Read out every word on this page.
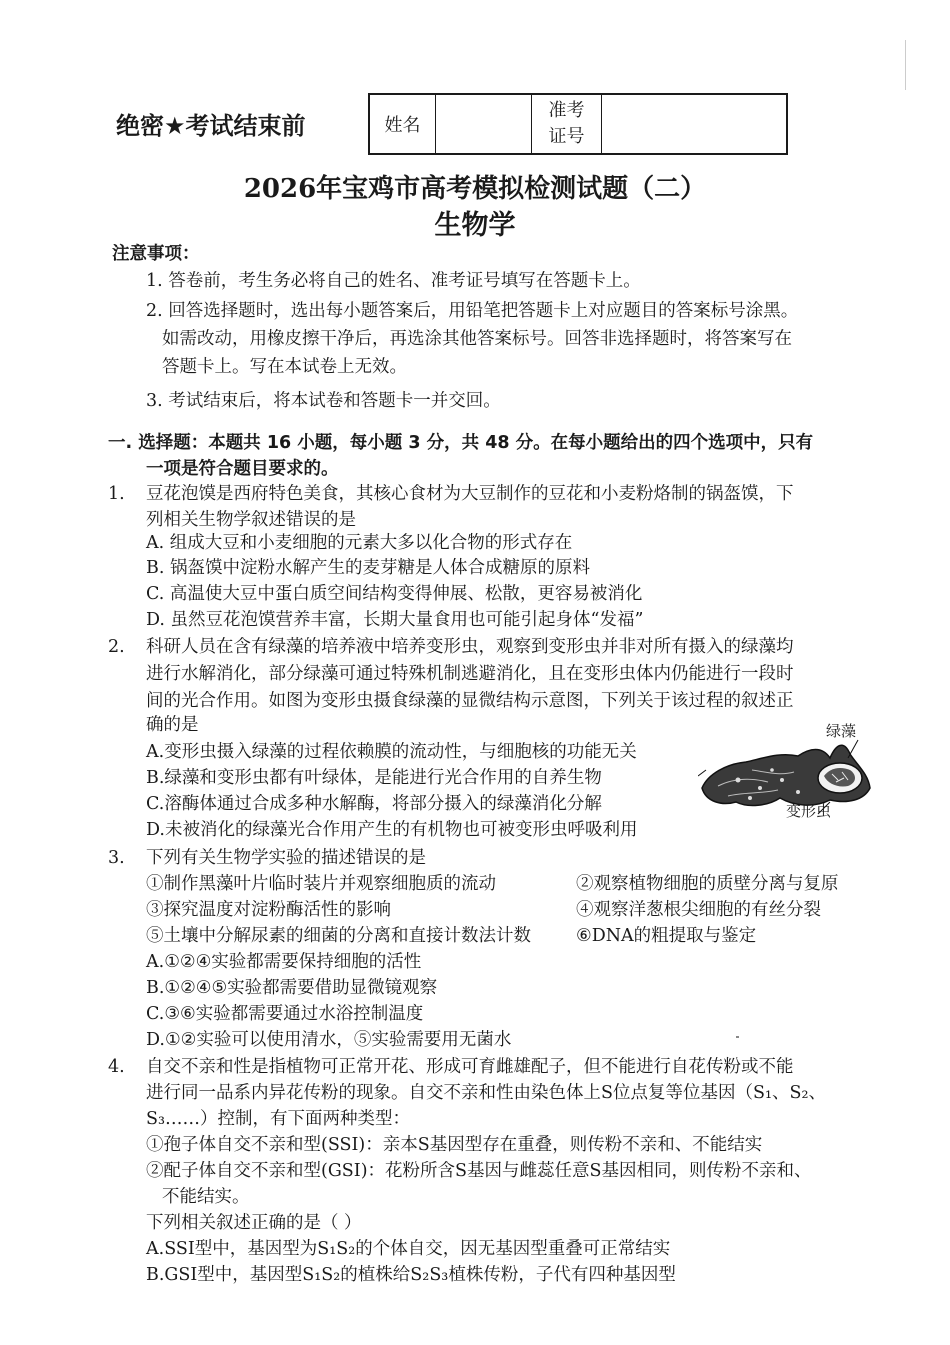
绝密★考试结束前	姓名
准考
证号
2026年宝鸡市高考模拟检测试题（二）
生物学
注意事项：
1. 答卷前，考生务必将自己的姓名、准考证号填写在答题卡上。
2. 回答选择题时，选出每小题答案后，用铅笔把答题卡上对应题目的答案标号涂黑。
如需改动，用橡皮擦干净后，再选涂其他答案标号。回答非选择题时，将答案写在
答题卡上。写在本试卷上无效。
3. 考试结束后，将本试卷和答题卡一并交回。
一. 选择题：本题共 16 小题，每小题 3 分，共 48 分。在每小题给出的四个选项中，只有
一项是符合题目要求的。
1. 豆花泡馍是西府特色美食，其核心食材为大豆制作的豆花和小麦粉烙制的锅盔馍，下
列相关生物学叙述错误的是
A. 组成大豆和小麦细胞的元素大多以化合物的形式存在
B. 锅盔馍中淀粉水解产生的麦芽糖是人体合成糖原的原料
C. 高温使大豆中蛋白质空间结构变得伸展、松散，更容易被消化
D. 虽然豆花泡馍营养丰富，长期大量食用也可能引起身体“发福”
2. 科研人员在含有绿藻的培养液中培养变形虫，观察到变形虫并非对所有摄入的绿藻均
进行水解消化，部分绿藻可通过特殊机制逃避消化，且在变形虫体内仍能进行一段时
间的光合作用。如图为变形虫摄食绿藻的显微结构示意图，下列关于该过程的叙述正
确的是
A.变形虫摄入绿藻的过程依赖膜的流动性，与细胞核的功能无关
B.绿藻和变形虫都有叶绿体，是能进行光合作用的自养生物
C.溶酶体通过合成多种水解酶，将部分摄入的绿藻消化分解
D.未被消化的绿藻光合作用产生的有机物也可被变形虫呼吸利用
绿藻
变形虫
3. 下列有关生物学实验的描述错误的是
①制作黑藻叶片临时装片并观察细胞质的流动	②观察植物细胞的质壁分离与复原
③探究温度对淀粉酶活性的影响	④观察洋葱根尖细胞的有丝分裂
⑤土壤中分解尿素的细菌的分离和直接计数法计数	⑥DNA的粗提取与鉴定
A.①②④实验都需要保持细胞的活性
B.①②④⑤实验都需要借助显微镜观察
C.③⑥实验都需要通过水浴控制温度
D.①②实验可以使用清水，⑤实验需要用无菌水
4. 自交不亲和性是指植物可正常开花、形成可育雌雄配子，但不能进行自花传粉或不能
进行同一品系内异花传粉的现象。自交不亲和性由染色体上S位点复等位基因（S₁、S₂、
S₃……）控制，有下面两种类型：
①孢子体自交不亲和型(SSI)：亲本S基因型存在重叠，则传粉不亲和、不能结实
②配子体自交不亲和型(GSI)：花粉所含S基因与雌蕊任意S基因相同，则传粉不亲和、
不能结实。
下列相关叙述正确的是（ ）
A.SSI型中，基因型为S₁S₂的个体自交，因无基因型重叠可正常结实
B.GSI型中，基因型S₁S₂的植株给S₂S₃植株传粉，子代有四种基因型
